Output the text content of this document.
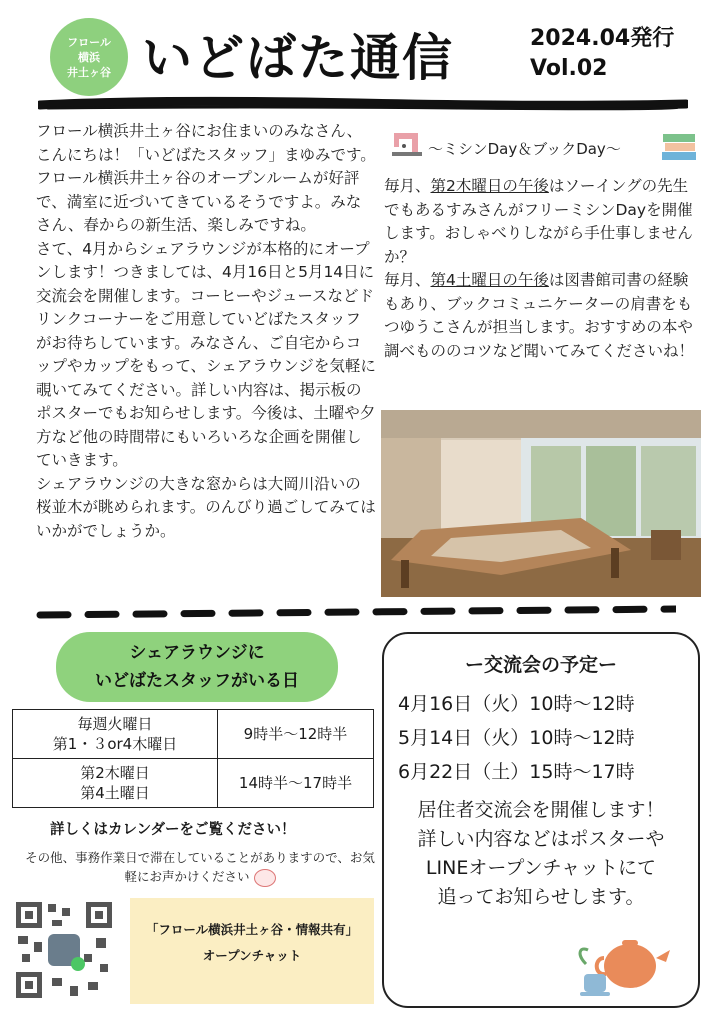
フロール
横浜
井土ヶ谷 いどばた通信	2024.04発行
Vol.02

フロール横浜井土ヶ谷にお住まいのみなさん、こんにちは！「いどばたスタッフ」まゆみです。フロール横浜井土ヶ谷のオープンルームが好評で、満室に近づいてきているそうですよ。みなさん、春からの新生活、楽しみですね。

さて、4月からシェアラウンジが本格的にオープンします！つきましては、4月16日と5月14日に交流会を開催します。コーヒーやジュースなどドリンクコーナーをご用意していどばたスタッフがお待ちしています。みなさん、ご自宅からコップやカップをもって、シェアラウンジを気軽に覗いてみてください。詳しい内容は、掲示板のポスターでもお知らせします。今後は、土曜や夕方など他の時間帯にもいろいろな企画を開催していきます。

シェアラウンジの大きな窓からは大岡川沿いの桜並木が眺められます。のんびり過ごしてみてはいかがでしょうか。

～ミシンDay＆ブックDay～

毎月、第2木曜日の午後はソーイングの先生でもあるすみさんがフリーミシンDayを開催します。おしゃべりしながら手仕事しませんか？

毎月、第4土曜日の午後は図書館司書の経験もあり、ブックコミュニケーターの肩書をもつゆうこさんが担当します。おすすめの本や調べもののコツなど聞いてみてくださいね！

シェアラウンジに
いどばたスタッフがいる日
毎週火曜日
第1・３or4木曜日	9時半～12時半

第2木曜日
第4土曜日	14時半～17時半
詳しくはカレンダーをご覧ください！
その他、事務作業日で滞在していることがありますので、お気軽にお声かけください
「フロール横浜井土ヶ谷・情報共有」
オープンチャット
ー交流会の予定ー
4月16日（火）10時～12時
5月14日（火）10時～12時
6月22日（土）15時～17時
居住者交流会を開催します！
詳しい内容などはポスターや
LINEオープンチャットにて
追ってお知らせします。
